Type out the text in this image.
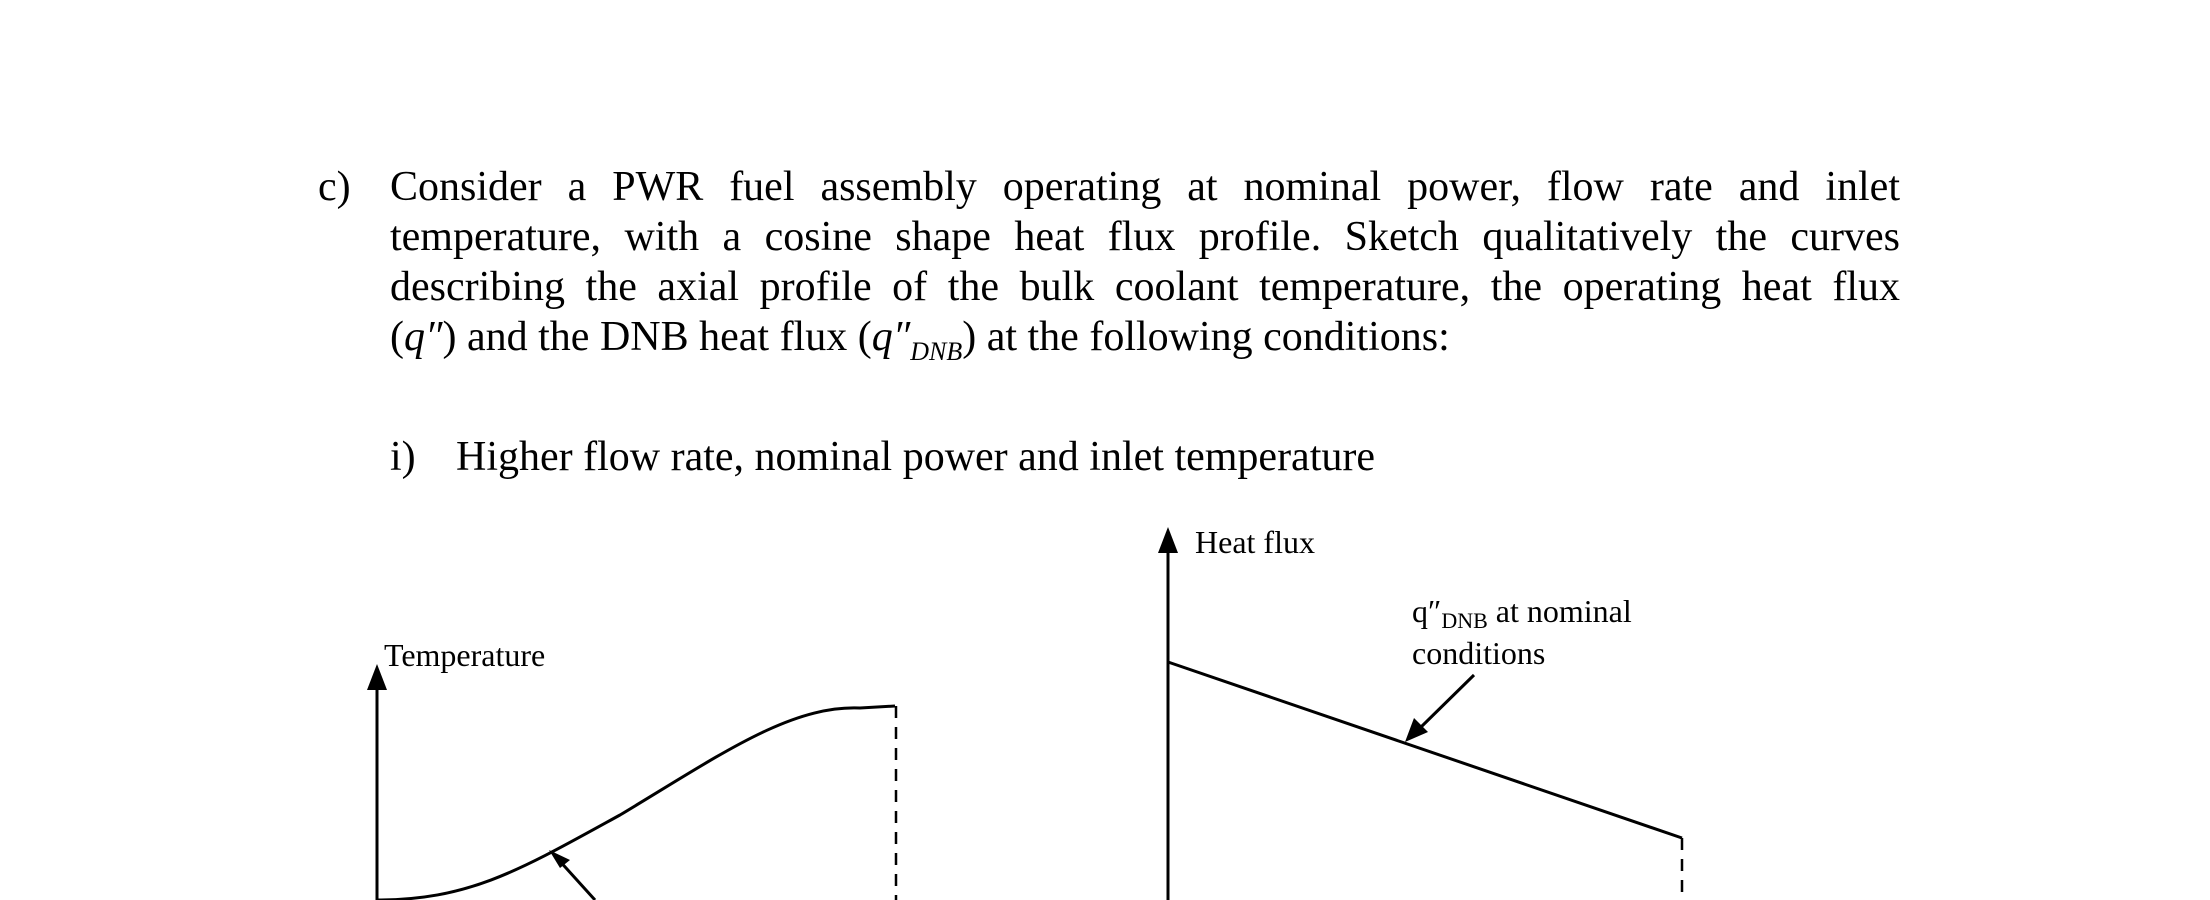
c) Consider a PWR fuel assembly operating at nominal power, flow rate and inlet
temperature, with a cosine shape heat flux profile. Sketch qualitatively the curves
describing the axial profile of the bulk coolant temperature, the operating heat flux
(q″) and the DNB heat flux $(q''_{DNB})$ at the following conditions:
i) Higher flow rate, nominal power and inlet temperature
Temperature
Heat flux
q″DNB at nominal
conditions
